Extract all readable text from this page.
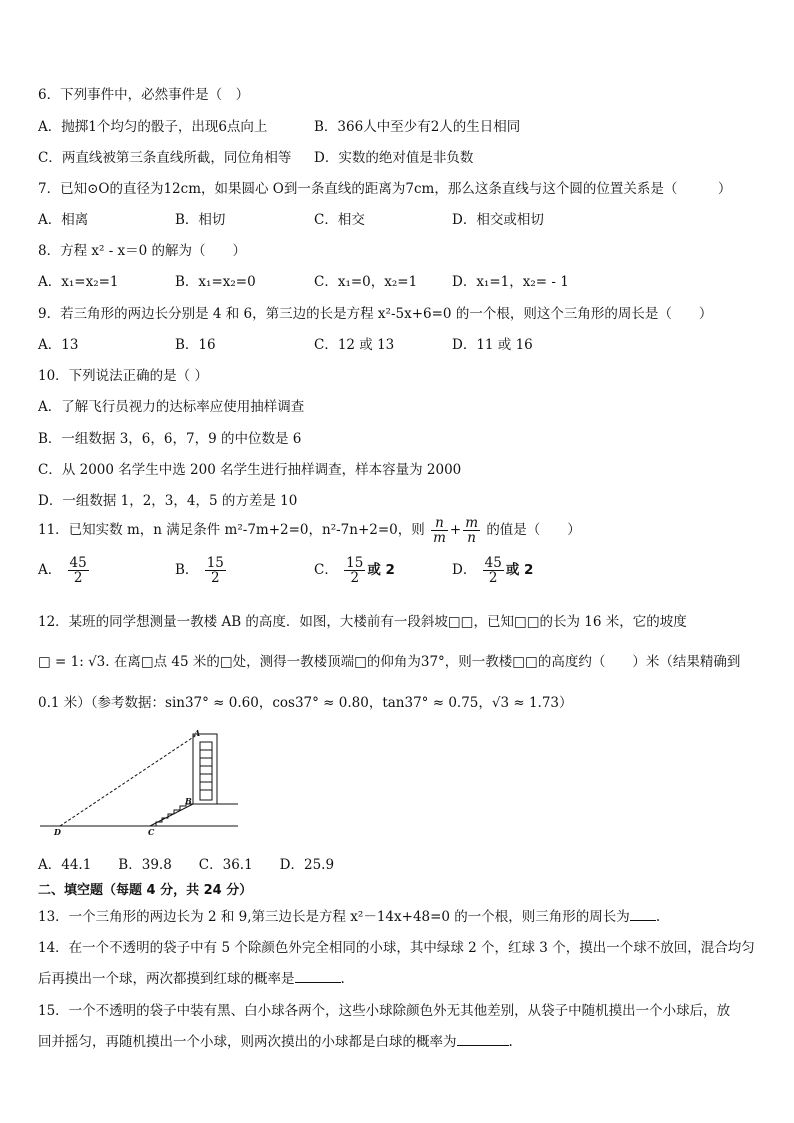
6．下列事件中，必然事件是（　）
A．抛掷1个均匀的骰子，出现6点向上	B．366人中至少有2人的生日相同
C．两直线被第三条直线所截，同位角相等 D．实数的绝对值是非负数
7．已知⊙O的直径为12cm，如果圆心 O到一条直线的距离为7cm，那么这条直线与这个圆的位置关系是（　　　）
A．相离	B．相切	C．相交	D．相交或相切
8．方程 x² - x＝0 的解为（　　）
A．x₁=x₂=1	B．x₁=x₂=0	C．x₁=0，x₂=1	D．x₁=1，x₂= - 1
9．若三角形的两边长分别是 4 和 6，第三边的长是方程 x²-5x+6=0 的一个根，则这个三角形的周长是（　　）
A．13	B．16	C．12 或 13	D．11 或 16
10．下列说法正确的是（ ）
A．了解飞行员视力的达标率应使用抽样调查
B．一组数据 3，6，6，7，9 的中位数是 6
C．从 2000 名学生中选 200 名学生进行抽样调查，样本容量为 2000
D．一组数据 1，2，3，4，5 的方差是 10
11．已知实数 m，n 满足条件 m²-7m+2=0，n²-7n+2=0，则 $\frac{n}{m} + \frac{m}{n}$ 的值是（　　）
A． $\frac{45}{2}$	B． $\frac{15}{2}$	C． $\frac{15}{2}$ 或 2	D． $\frac{45}{2}$ 或 2
12．某班的同学想测量一教楼 AB 的高度．如图，大楼前有一段斜坡□□，已知□□的长为 16 米，它的坡度
□ = 1: √3. 在离□点 45 米的□处，测得一教楼顶端□的仰角为37°，则一教楼□□的高度约（　　）米（结果精确到
0.1 米）（参考数据：sin37° ≈ 0.60，cos37° ≈ 0.80，tan37° ≈ 0.75，√3 ≈ 1.73）
A
B
C
D
A．44.1　　B．39.8　　C．36.1　　D．25.9
二、填空题（每题 4 分，共 24 分）
13．一个三角形的两边长为 2 和 9,第三边长是方程 x²－14x+48=0 的一个根，则三角形的周长为 .
14．在一个不透明的袋子中有 5 个除颜色外完全相同的小球，其中绿球 2 个，红球 3 个，摸出一个球不放回，混合均匀
后再摸出一个球，两次都摸到红球的概率是	.
15．一个不透明的袋子中装有黑、白小球各两个，这些小球除颜色外无其他差别，从袋子中随机摸出一个小球后，放
回并摇匀，再随机摸出一个小球，则两次摸出的小球都是白球的概率为	.
